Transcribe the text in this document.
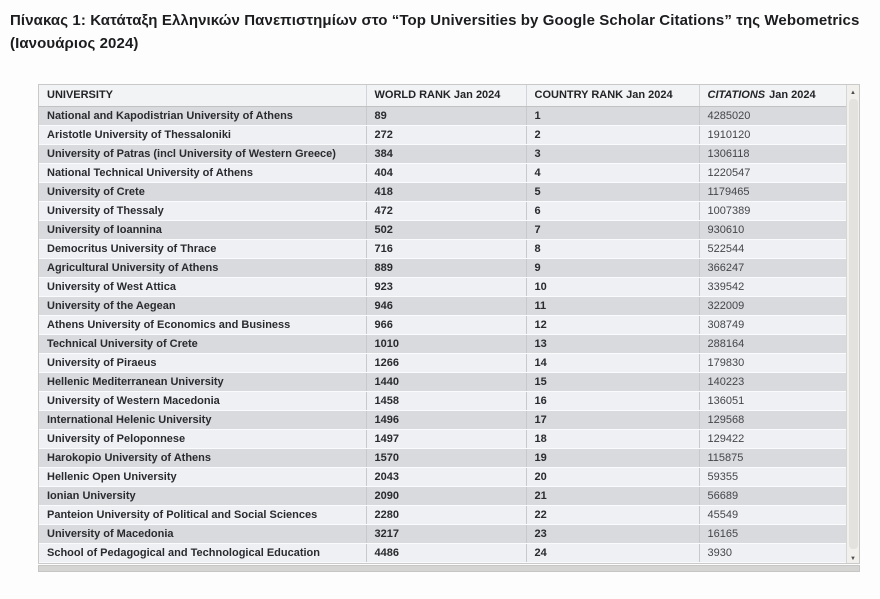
Πίνακας 1: Κατάταξη Ελληνικών Πανεπιστημίων στο “Top Universities by Google Scholar Citations” της Webometrics
(Ιανουάριος 2024)
UNIVERSITY	WORLD RANK Jan 2024	COUNTRY RANK Jan 2024	CITATIONS Jan 2024
National and Kapodistrian University of Athens	89	1	4285020
Aristotle University of Thessaloniki	272	2	1910120
University of Patras (incl University of Western Greece)	384	3	1306118
National Technical University of Athens	404	4	1220547
University of Crete	418	5	1179465
University of Thessaly	472	6	1007389
University of Ioannina	502	7	930610
Democritus University of Thrace	716	8	522544
Agricultural University of Athens	889	9	366247
University of West Attica	923	10	339542
University of the Aegean	946	11	322009
Athens University of Economics and Business	966	12	308749
Technical University of Crete	1010	13	288164
University of Piraeus	1266	14	179830
Hellenic Mediterranean University	1440	15	140223
University of Western Macedonia	1458	16	136051
International Helenic University	1496	17	129568
University of Peloponnese	1497	18	129422
Harokopio University of Athens	1570	19	115875
Hellenic Open University	2043	20	59355
Ionian University	2090	21	56689
Panteion University of Political and Social Sciences	2280	22	45549
University of Macedonia	3217	23	16165
School of Pedagogical and Technological Education	4486	24	3930
▲
▼
